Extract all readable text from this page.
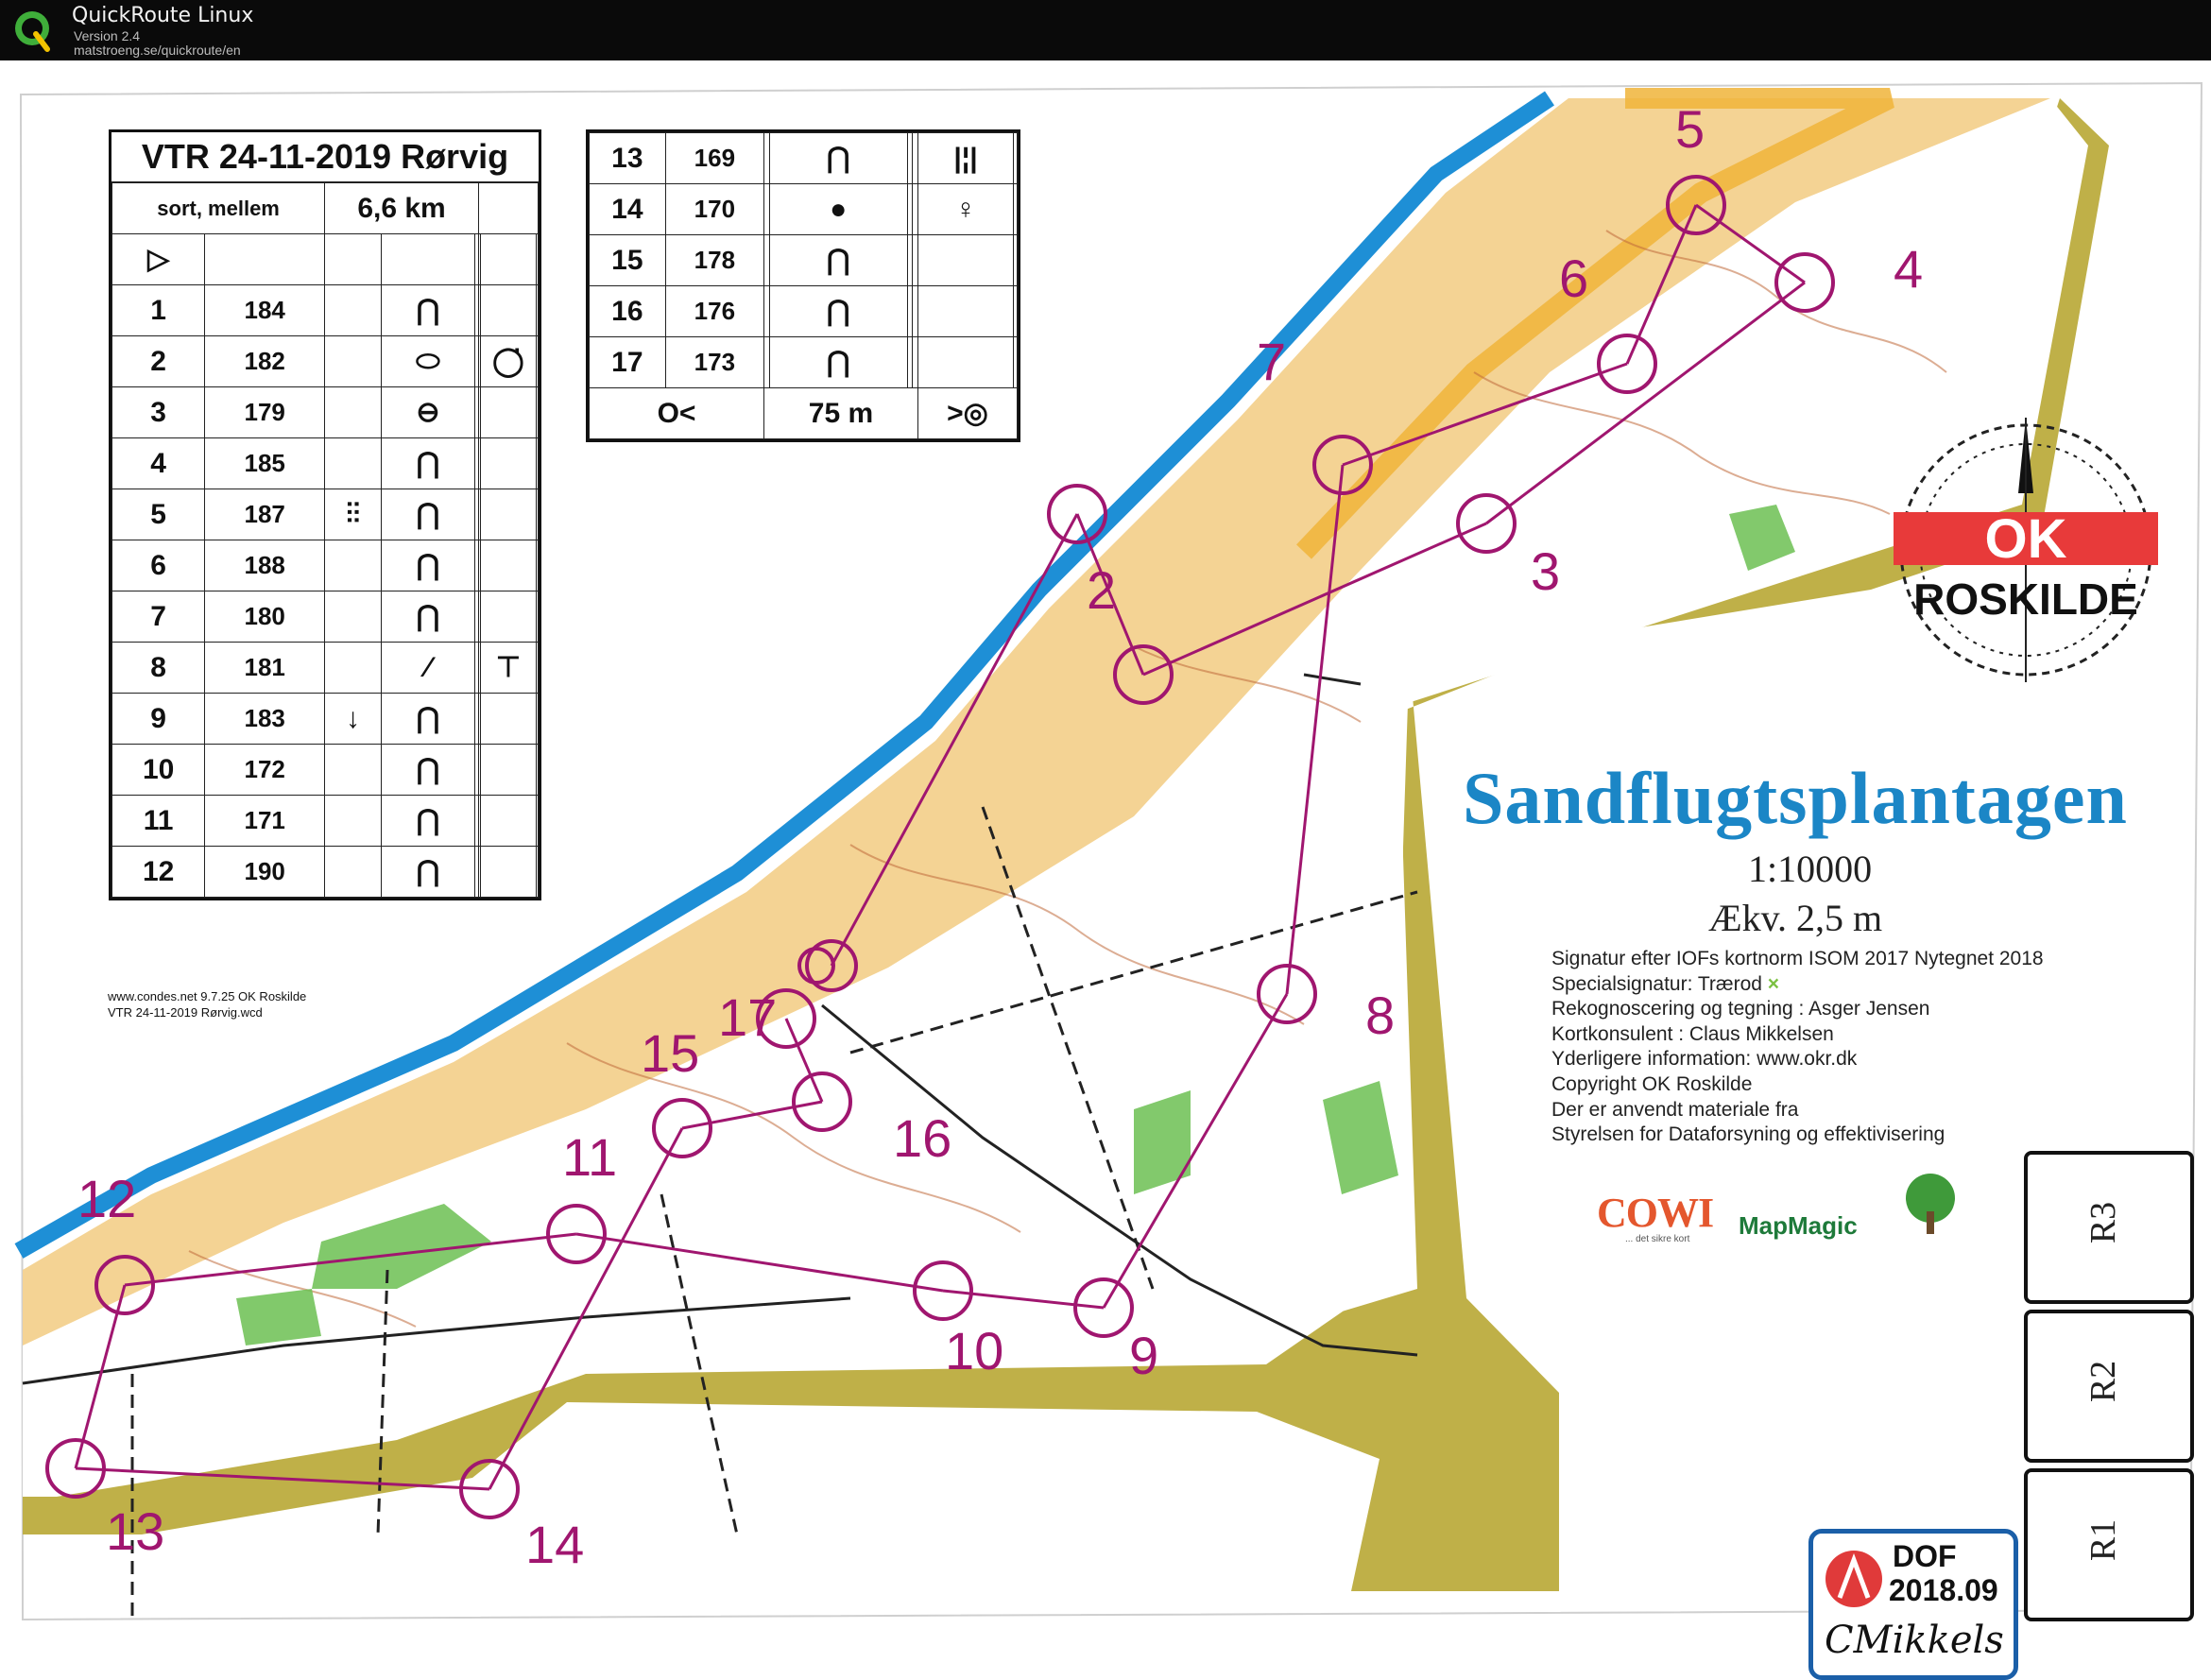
QuickRoute Linux
Version 2.4
matstroeng.se/quickroute/en
2	3
4
5
6
7
8
9
10
11
12
13	14
15
16
17
VTR 24-11-2019 Rørvig
sort, mellem		6,6 km					
▷							
1	184		⋂				
2	182		⬭			◯̇	
3	179		⊖				
4	185		⋂				
5	187	⫶⫶	⋂				
6	188		⋂				
7	180		⋂				
8	181		⁄			⊤	
9	183	↓	⋂				
10	172		⋂				
11	171		⋂				
12	190		⋂				
13	169		⋂			|¦|	
14	170		●			♀	
15	178		⋂				
16	176		⋂				
17	173		⋂				
O<		75 m				>◎	
www.condes.net 9.7.25 OK Roskilde
VTR 24-11-2019 Rørvig.wcd
OK
ROSKILDE
Sandflugtsplantagen
1:10000
Ækv. 2,5 m
Signatur efter IOFs kortnorm ISOM 2017 Nytegnet 2018
Specialsignatur: Trærod ×
Rekognoscering og tegning : Asger Jensen
Kortkonsulent : Claus Mikkelsen
Yderligere information: www.okr.dk
Copyright OK Roskilde
Der er anvendt materiale fra
Styrelsen for Dataforsyning og effektivisering
COWI
... det sikre kort MapMagic	R3
R2
R1
DOF
2018.09
CMikkels
